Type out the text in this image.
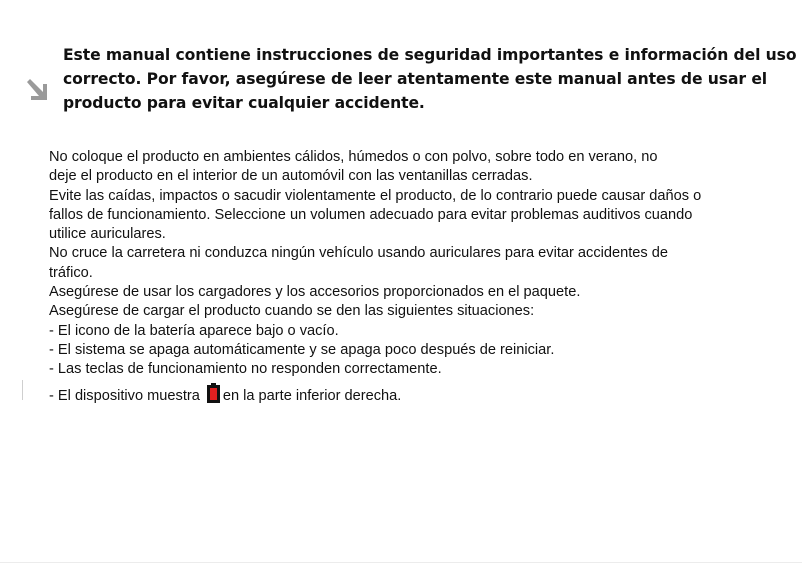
Este manual contiene instrucciones de seguridad importantes e información del uso
correcto. Por favor, asegúrese de leer atentamente este manual antes de usar el
producto para evitar cualquier accidente.
No coloque el producto en ambientes cálidos, húmedos o con polvo, sobre todo en verano, no
deje el producto en el interior de un automóvil con las ventanillas cerradas.
Evite las caídas, impactos o sacudir violentamente el producto, de lo contrario puede causar daños o
fallos de funcionamiento. Seleccione un volumen adecuado para evitar problemas auditivos cuando
utilice auriculares.
No cruce la carretera ni conduzca ningún vehículo usando auriculares para evitar accidentes de
tráfico.
Asegúrese de usar los cargadores y los accesorios proporcionados en el paquete.
Asegúrese de cargar el producto cuando se den las siguientes situaciones:
- El icono de la batería aparece bajo o vacío.
- El sistema se apaga automáticamente y se apaga poco después de reiniciar.
- Las teclas de funcionamiento no responden correctamente.
- El dispositivo muestra en la parte inferior derecha.
